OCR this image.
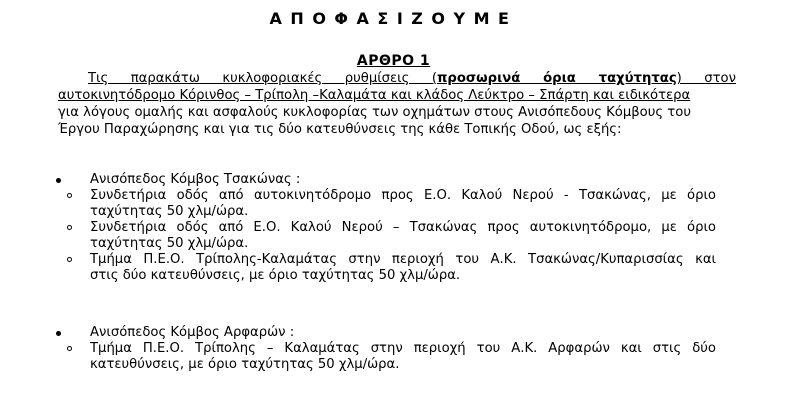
ΑΠΟΦΑΣΙΖΟΥΜΕ
ΑΡΘΡΟ 1
Τις παρακάτω κυκλοφοριακές ρυθμίσεις (προσωρινά όρια ταχύτητας) στον
αυτοκινητόδρομο Κόρινθος – Τρίπολη –Καλαμάτα και κλάδος Λεύκτρο – Σπάρτη και ειδικότερα
για λόγους ομαλής και ασφαλούς κυκλοφορίας των οχημάτων στους Ανισόπεδους Κόμβους του
Έργου Παραχώρησης και για τις δύο κατευθύνσεις της κάθε Τοπικής Οδού, ως εξής:
Ανισόπεδος Κόμβος Τσακώνας :
Συνδετήρια οδός από αυτοκινητόδρομο προς Ε.Ο. Καλού Νερού - Τσακώνας, με όριο
ταχύτητας 50 χλμ/ώρα.
Συνδετήρια οδός από Ε.Ο. Καλού Νερού – Τσακώνας προς αυτοκινητόδρομο, με όριο
ταχύτητας 50 χλμ/ώρα.
Τμήμα Π.Ε.Ο. Τρίπολης-Καλαμάτας στην περιοχή του Α.Κ. Τσακώνας/Κυπαρισσίας και
στις δύο κατευθύνσεις, με όριο ταχύτητας 50 χλμ/ώρα.
Ανισόπεδος Κόμβος Αρφαρών :
Τμήμα Π.Ε.Ο. Τρίπολης – Καλαμάτας στην περιοχή του Α.Κ. Αρφαρών και στις δύο
κατευθύνσεις, με όριο ταχύτητας 50 χλμ/ώρα.
